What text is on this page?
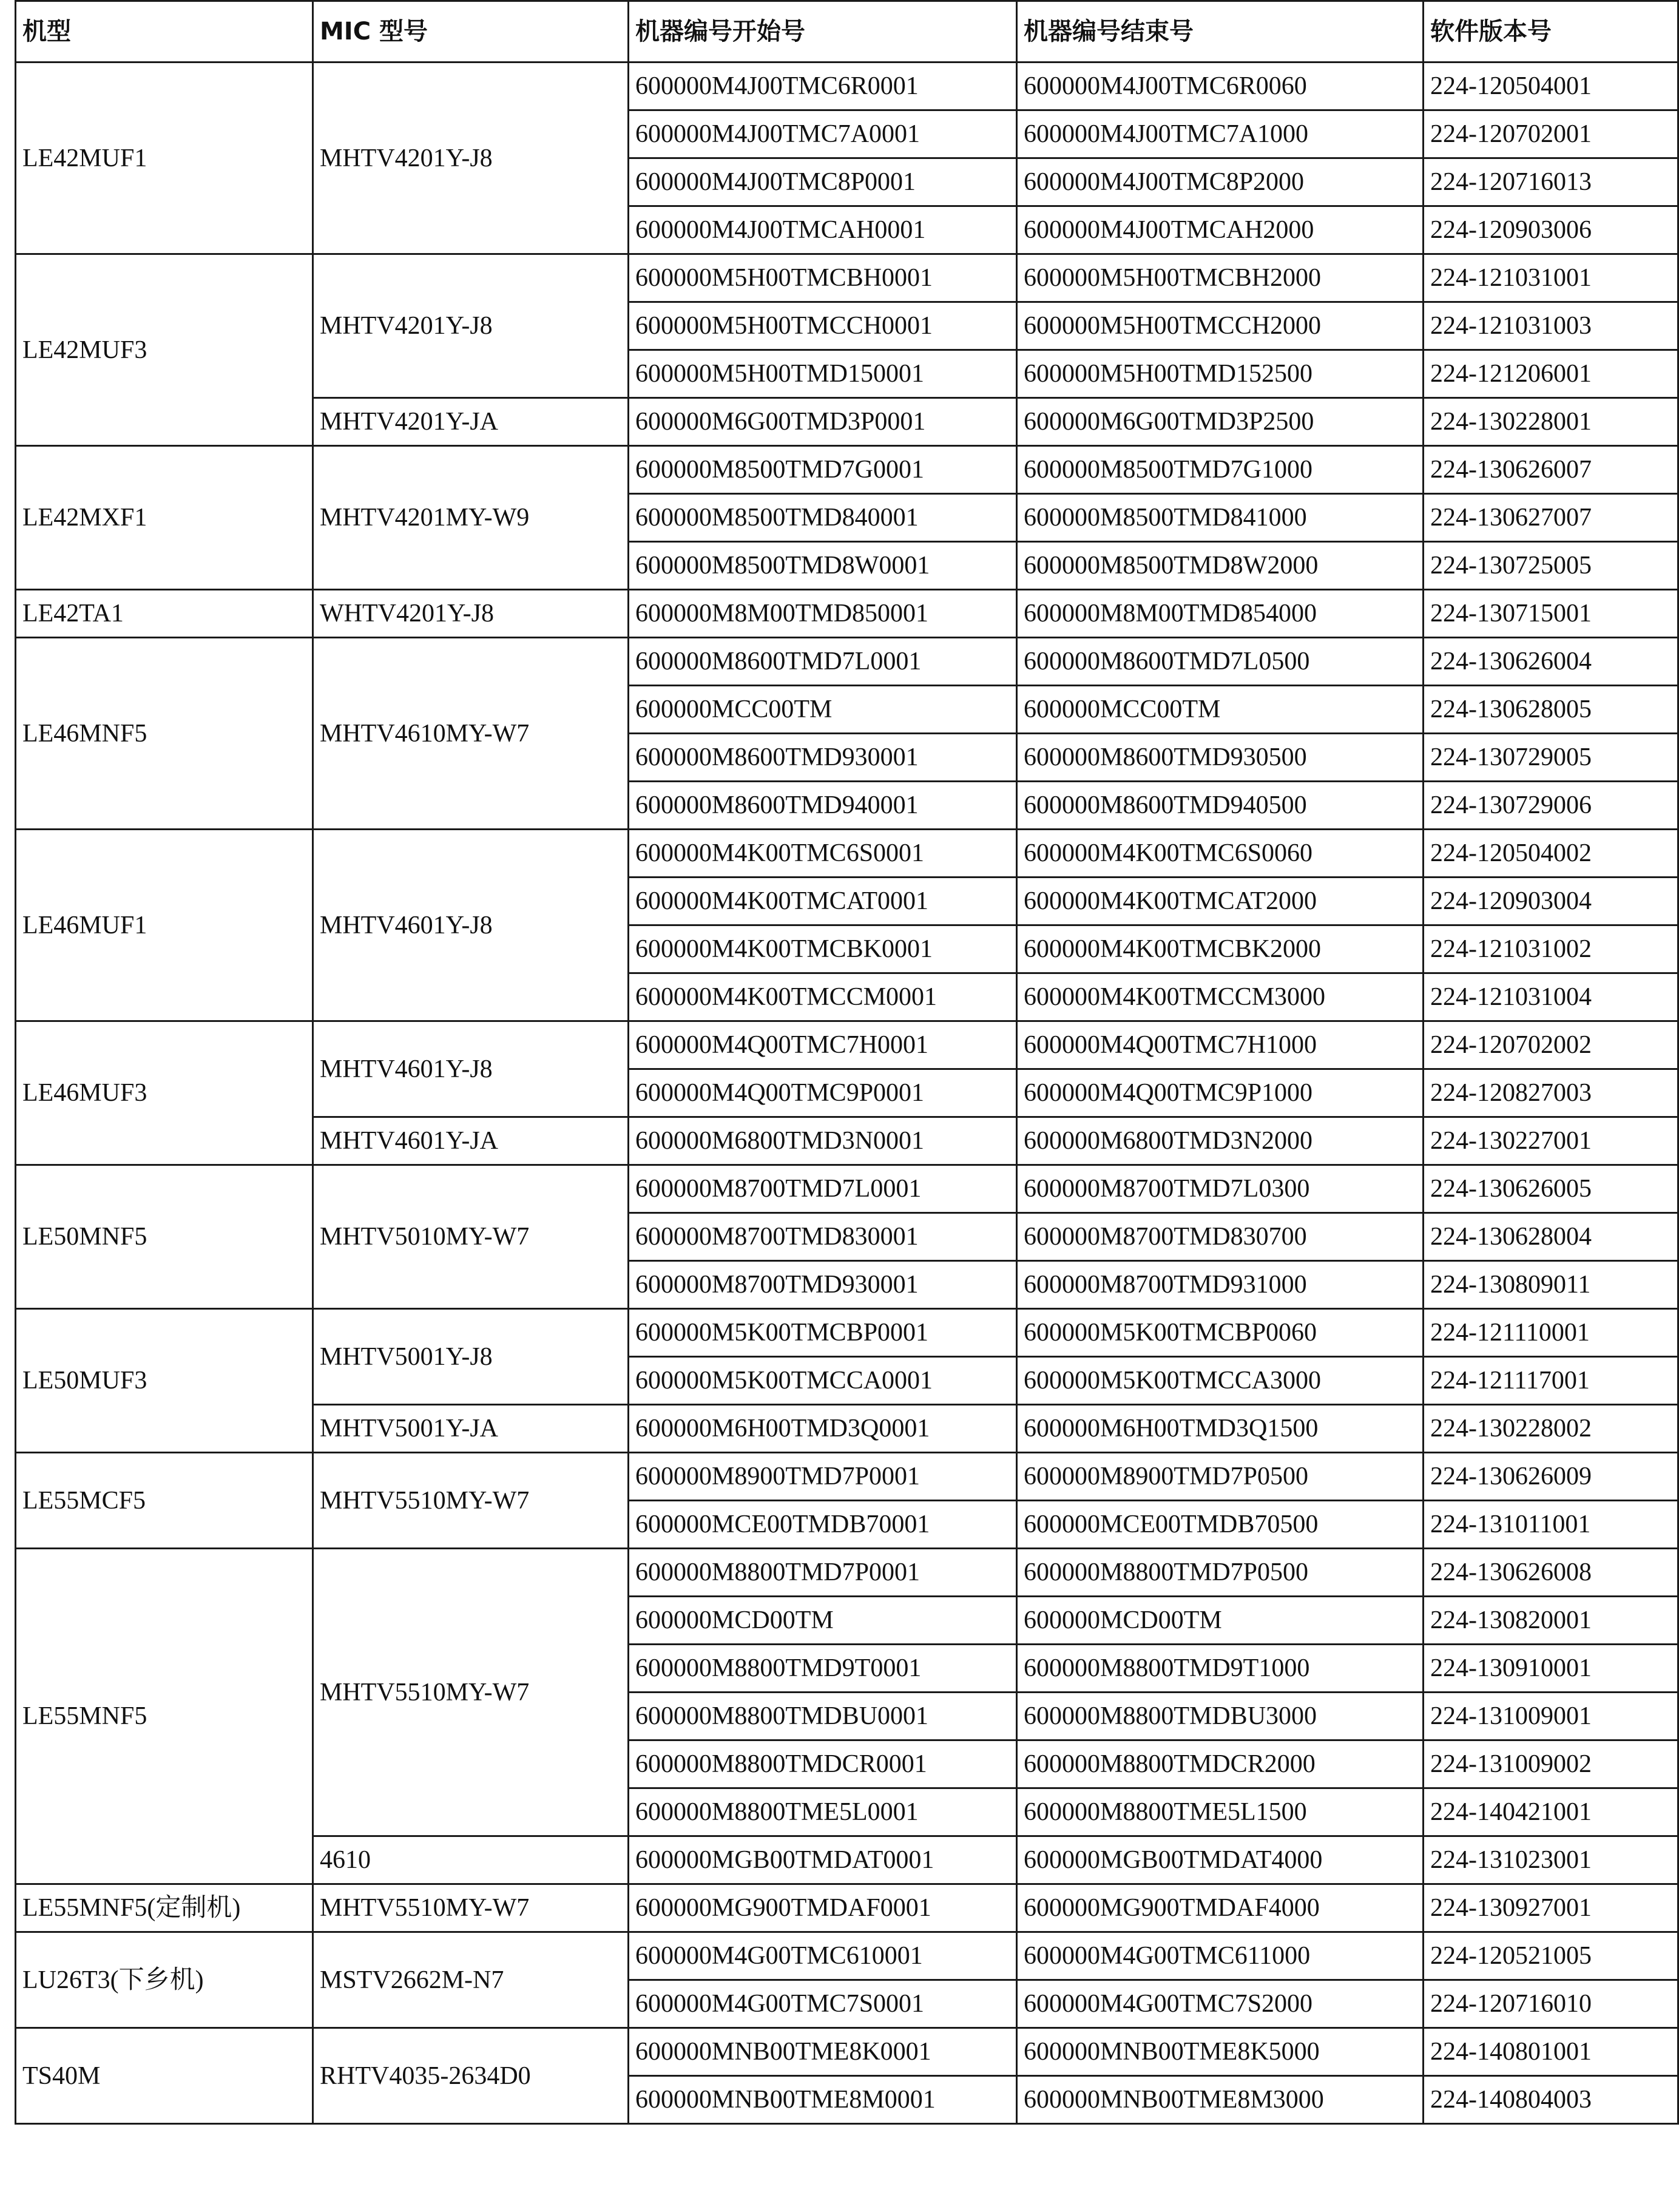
机型	MIC 型号	机器编号开始号	机器编号结束号	软件版本号
LE42MUF1	MHTV4201Y-J8	600000M4J00TMC6R0001	600000M4J00TMC6R0060	224-120504001
		600000M4J00TMC7A0001	600000M4J00TMC7A1000	224-120702001
		600000M4J00TMC8P0001	600000M4J00TMC8P2000	224-120716013
		600000M4J00TMCAH0001	600000M4J00TMCAH2000	224-120903006
LE42MUF3	MHTV4201Y-J8	600000M5H00TMCBH0001	600000M5H00TMCBH2000	224-121031001
		600000M5H00TMCCH0001	600000M5H00TMCCH2000	224-121031003
		600000M5H00TMD150001	600000M5H00TMD152500	224-121206001
	MHTV4201Y-JA	600000M6G00TMD3P0001	600000M6G00TMD3P2500	224-130228001
LE42MXF1	MHTV4201MY-W9	600000M8500TMD7G0001	600000M8500TMD7G1000	224-130626007
		600000M8500TMD840001	600000M8500TMD841000	224-130627007
		600000M8500TMD8W0001	600000M8500TMD8W2000	224-130725005
LE42TA1	WHTV4201Y-J8	600000M8M00TMD850001	600000M8M00TMD854000	224-130715001
LE46MNF5	MHTV4610MY-W7	600000M8600TMD7L0001	600000M8600TMD7L0500	224-130626004
		600000MCC00TM	600000MCC00TM	224-130628005
		600000M8600TMD930001	600000M8600TMD930500	224-130729005
		600000M8600TMD940001	600000M8600TMD940500	224-130729006
LE46MUF1	MHTV4601Y-J8	600000M4K00TMC6S0001	600000M4K00TMC6S0060	224-120504002
		600000M4K00TMCAT0001	600000M4K00TMCAT2000	224-120903004
		600000M4K00TMCBK0001	600000M4K00TMCBK2000	224-121031002
		600000M4K00TMCCM0001	600000M4K00TMCCM3000	224-121031004
LE46MUF3	MHTV4601Y-J8	600000M4Q00TMC7H0001	600000M4Q00TMC7H1000	224-120702002
		600000M4Q00TMC9P0001	600000M4Q00TMC9P1000	224-120827003
	MHTV4601Y-JA	600000M6800TMD3N0001	600000M6800TMD3N2000	224-130227001
LE50MNF5	MHTV5010MY-W7	600000M8700TMD7L0001	600000M8700TMD7L0300	224-130626005
		600000M8700TMD830001	600000M8700TMD830700	224-130628004
		600000M8700TMD930001	600000M8700TMD931000	224-130809011
LE50MUF3	MHTV5001Y-J8	600000M5K00TMCBP0001	600000M5K00TMCBP0060	224-121110001
		600000M5K00TMCCA0001	600000M5K00TMCCA3000	224-121117001
	MHTV5001Y-JA	600000M6H00TMD3Q0001	600000M6H00TMD3Q1500	224-130228002
LE55MCF5	MHTV5510MY-W7	600000M8900TMD7P0001	600000M8900TMD7P0500	224-130626009
		600000MCE00TMDB70001	600000MCE00TMDB70500	224-131011001
LE55MNF5	MHTV5510MY-W7	600000M8800TMD7P0001	600000M8800TMD7P0500	224-130626008
		600000MCD00TM	600000MCD00TM	224-130820001
		600000M8800TMD9T0001	600000M8800TMD9T1000	224-130910001
		600000M8800TMDBU0001	600000M8800TMDBU3000	224-131009001
		600000M8800TMDCR0001	600000M8800TMDCR2000	224-131009002
		600000M8800TME5L0001	600000M8800TME5L1500	224-140421001
	4610	600000MGB00TMDAT0001	600000MGB00TMDAT4000	224-131023001
LE55MNF5(定制机)	MHTV5510MY-W7	600000MG900TMDAF0001	600000MG900TMDAF4000	224-130927001
LU26T3(下乡机)	MSTV2662M-N7	600000M4G00TMC610001	600000M4G00TMC611000	224-120521005
		600000M4G00TMC7S0001	600000M4G00TMC7S2000	224-120716010
TS40M	RHTV4035-2634D0	600000MNB00TME8K0001	600000MNB00TME8K5000	224-140801001
		600000MNB00TME8M0001	600000MNB00TME8M3000	224-140804003
